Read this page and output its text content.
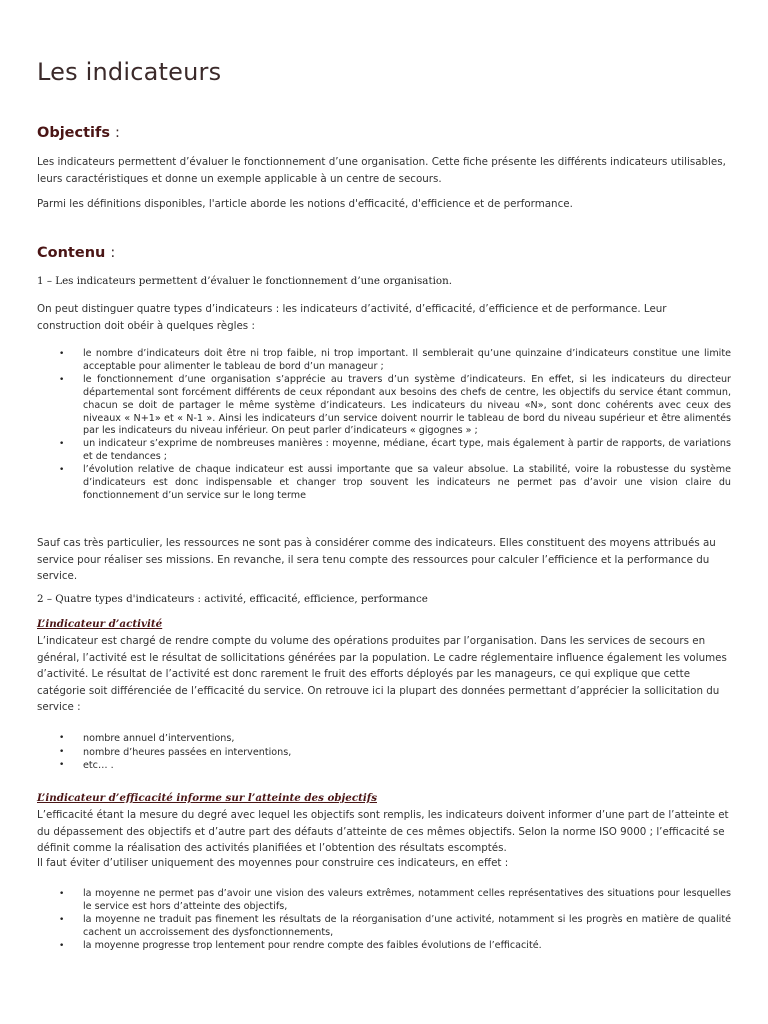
Les indicateurs
Objectifs :

Les indicateurs permettent d’évaluer le fonctionnement d’une organisation. Cette fiche présente les différents indicateurs utilisables, leurs caractéristiques et donne un exemple applicable à un centre de secours.

Parmi les définitions disponibles, l'article aborde les notions d'efficacité, d'efficience et de performance.

Contenu :

1 – Les indicateurs permettent d’évaluer le fonctionnement d’une organisation.

On peut distinguer quatre types d’indicateurs : les indicateurs d’activité, d’efficacité, d’efficience et de performance. Leur construction doit obéir à quelques règles :

• le nombre d’indicateurs doit être ni trop faible, ni trop important. Il semblerait qu’une quinzaine d’indicateurs constitue une limite acceptable pour alimenter le tableau de bord d’un manageur ;
• le fonctionnement d’une organisation s’apprécie au travers d’un système d’indicateurs. En effet, si les indicateurs du directeur départemental sont forcément différents de ceux répondant aux besoins des chefs de centre, les objectifs du service étant commun, chacun se doit de partager le même système d’indicateurs. Les indicateurs du niveau «N», sont donc cohérents avec ceux des niveaux « N+1» et « N-1 ». Ainsi les indicateurs d’un service doivent nourrir le tableau de bord du niveau supérieur et être alimentés par les indicateurs du niveau inférieur. On peut parler d’indicateurs « gigognes » ;
• un indicateur s’exprime de nombreuses manières : moyenne, médiane, écart type, mais également à partir de rapports, de variations et de tendances ;
• l’évolution relative de chaque indicateur est aussi importante que sa valeur absolue. La stabilité, voire la robustesse du système d’indicateurs est donc indispensable et changer trop souvent les indicateurs ne permet pas d’avoir une vision claire du fonctionnement d’un service sur le long terme

Sauf cas très particulier, les ressources ne sont pas à considérer comme des indicateurs. Elles constituent des moyens attribués au service pour réaliser ses missions. En revanche, il sera tenu compte des ressources pour calculer l’efficience et la performance du service.

2 – Quatre types d'indicateurs : activité, efficacité, efficience, performance

L’indicateur d’activité

L’indicateur est chargé de rendre compte du volume des opérations produites par l’organisation. Dans les services de secours en général, l’activité est le résultat de sollicitations générées par la population. Le cadre réglementaire influence également les volumes d’activité. Le résultat de l’activité est donc rarement le fruit des efforts déployés par les manageurs, ce qui explique que cette catégorie soit différenciée de l’efficacité du service. On retrouve ici la plupart des données permettant d’apprécier la sollicitation du service :

• nombre annuel d’interventions,
• nombre d’heures passées en interventions,
• etc… .

L’indicateur d’efficacité informe sur l’atteinte des objectifs

L’efficacité étant la mesure du degré avec lequel les objectifs sont remplis, les indicateurs doivent informer d’une part de l’atteinte et du dépassement des objectifs et d’autre part des défauts d’atteinte de ces mêmes objectifs. Selon la norme ISO 9000 ; l’efficacité se définit comme la réalisation des activités planifiées et l’obtention des résultats escomptés.

Il faut éviter d’utiliser uniquement des moyennes pour construire ces indicateurs, en effet :

• la moyenne ne permet pas d’avoir une vision des valeurs extrêmes, notamment celles représentatives des situations pour lesquelles le service est hors d’atteinte des objectifs,
• la moyenne ne traduit pas finement les résultats de la réorganisation d’une activité, notamment si les progrès en matière de qualité cachent un accroissement des dysfonctionnements,
• la moyenne progresse trop lentement pour rendre compte des faibles évolutions de l’efficacité.
